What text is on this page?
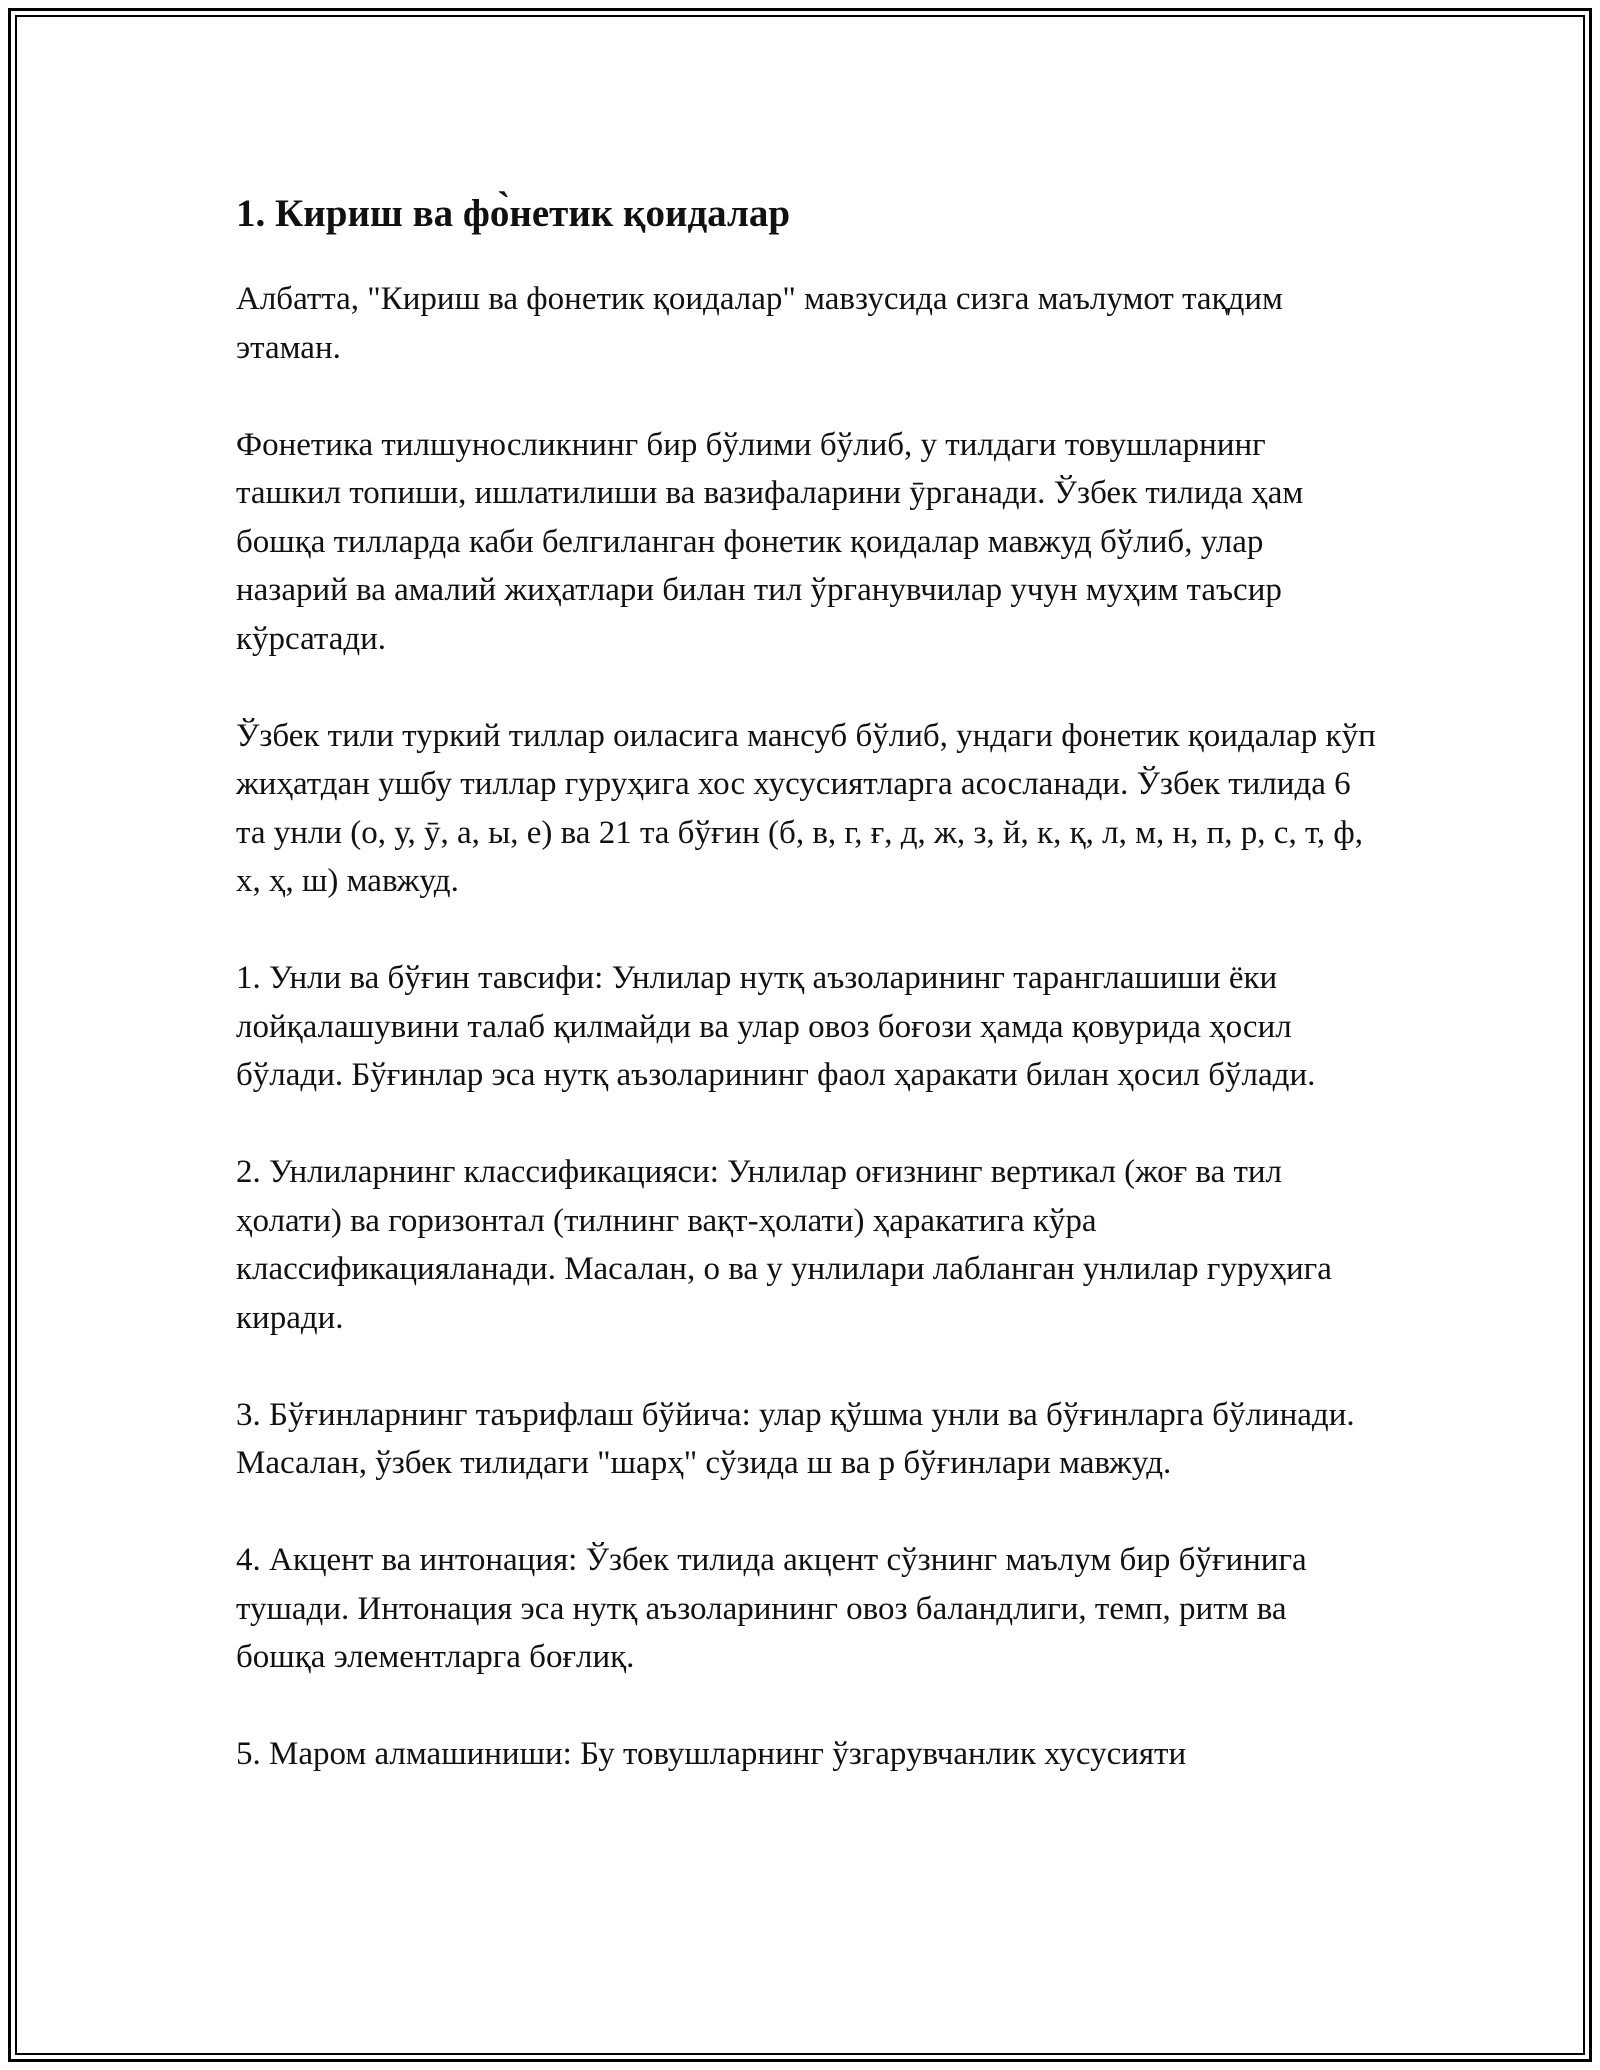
1. Кириш ва фо̀нетик қоидалар

Албатта, "Кириш ва фонетик қоидалар" мавзусида сизга маълумот тақдим этаман.

Фонетика тилшуносликнинг бир бўлими бўлиб, у тилдаги товушларнинг ташкил топиши, ишлатилиши ва вазифаларини ӯрганади. Ўзбек тилида ҳам бошқа тилларда каби белгиланган фонетик қоидалар мавжуд бўлиб, улар назарий ва амалий жиҳатлари билан тил ўрганувчилар учун муҳим таъсир кўрсатади.

Ўзбек тили туркий тиллар оиласига мансуб бўлиб, ундаги фонетик қоидалар кўп жиҳатдан ушбу тиллар гуруҳига хос хусусиятларга асосланади. Ўзбек тилида 6 та унли (о, у, ӯ, а, ы, е) ва 21 та бўғин (б, в, г, ғ, д, ж, з, й, к, қ, л, м, н, п, р, с, т, ф, х, ҳ, ш) мавжуд.

1. Унли ва бўғин тавсифи: Унлилар нутқ аъзоларининг таранглашиши ёки лойқалашувини талаб қилмайди ва улар овоз боғози ҳамда қовурида ҳосил бўлади. Бўғинлар эса нутқ аъзоларининг фаол ҳаракати билан ҳосил бўлади.

2. Унлиларнинг классификацияси: Унлилар оғизнинг вертикал (жоғ ва тил ҳолати) ва горизонтал (тилнинг вақт-ҳолати) ҳаракатига кўра классификацияланади. Масалан, о ва у унлилари лабланган унлилар гуруҳига киради.

3. Бўғинларнинг таърифлаш бўйича: улар қўшма унли ва бўғинларга бўлинади. Масалан, ўзбек тилидаги "шарҳ" сўзида ш ва р бўғинлари мавжуд.

4. Акцент ва интонация: Ўзбек тилида акцент сўзнинг маълум бир бўғинига тушади. Интонация эса нутқ аъзоларининг овоз баландлиги, темп, ритм ва бошқа элементларга боғлиқ.

5. Маром алмашиниши: Бу товушларнинг ўзгарувчанлик хусусияти
